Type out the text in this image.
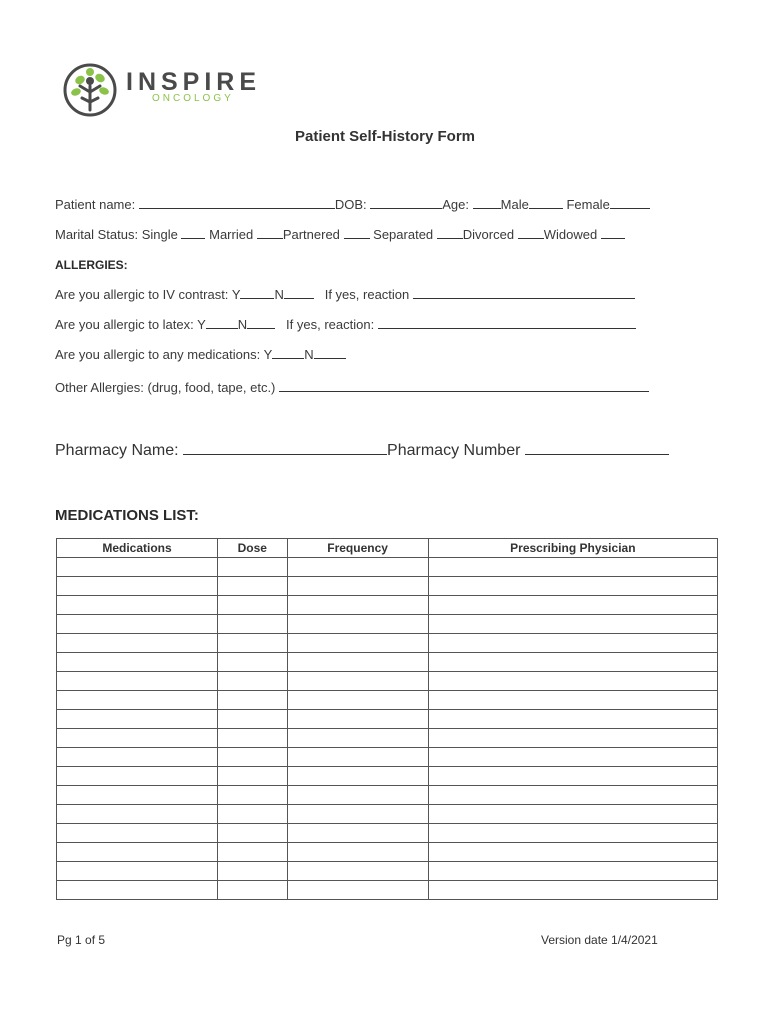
INSPIRE
ONCOLOGY
Patient Self-History Form
Patient name:	DOB:	Age: Male	Female
Marital Status: Single Married Partnered	Separated Divorced Widowed
ALLERGIES:
Are you allergic to IV contrast: Y	N	If yes, reaction
Are you allergic to latex: Y N	If yes, reaction:
Are you allergic to any medications: Y N
Other Allergies: (drug, food, tape, etc.)
Pharmacy Name:	Pharmacy Number
MEDICATIONS LIST:
Medications	Dose	Frequency	Prescribing Physician

Pg 1 of 5	Version date 1/4/2021
